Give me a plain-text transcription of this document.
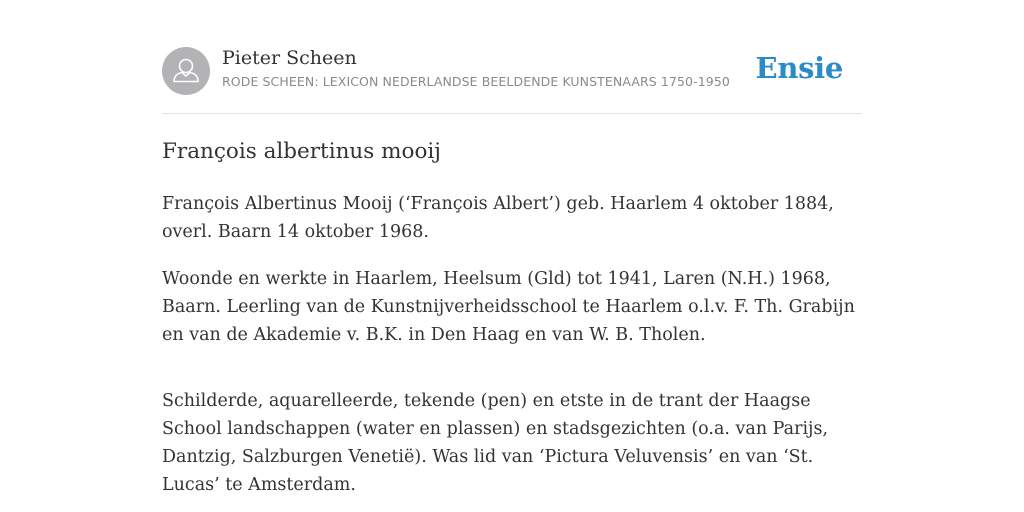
Pieter Scheen
RODE SCHEEN: LEXICON NEDERLANDSE BEELDENDE KUNSTENAARS 1750-1950 Ensie
François albertinus mooij

François Albertinus Mooij (‘François Albert’) geb. Haarlem 4 oktober 1884, overl. Baarn 14 oktober 1968.

Woonde en werkte in Haarlem, Heelsum (Gld) tot 1941, Laren (N.H.) 1968, Baarn. Leerling van de Kunstnijverheidsschool te Haarlem o.l.v. F. Th. Grabijn en van de Akademie v. B.K. in Den Haag en van W. B. Tholen.

Schilderde, aquarelleerde, tekende (pen) en etste in de trant der Haagse School landschappen (water en plassen) en stadsgezichten (o.a. van Parijs, Dantzig, Salzburgen Venetië). Was lid van ‘Pictura Veluvensis’ en van ‘St. Lucas’ te Amsterdam.
